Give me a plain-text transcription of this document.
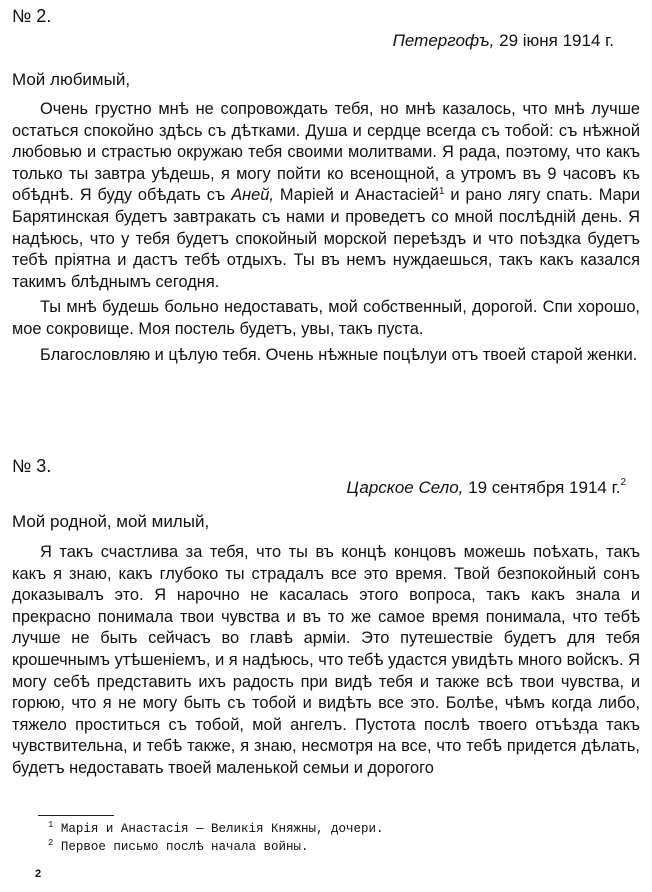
№ 2.
Петергофъ, 29 іюня 1914 г.
Мой любимый,

Очень грустно мнѣ не сопровождать тебя, но мнѣ казалось, что мнѣ лучше остаться спокойно здѣсь съ дѣтками. Душа и сердце всегда съ тобой: съ нѣжной любовью и страстью окружаю тебя своими молитвами. Я рада, поэтому, что какъ только ты завтра уѣдешь, я могу пойти ко всенощной, а утромъ въ 9 часовъ къ обѣднѣ. Я буду обѣдать съ Аней, Маріей и Анастасіей$^1$ и рано лягу спать. Мари Барятинская будетъ завтракать съ нами и проведетъ со мной послѣдній день. Я надѣюсь, что у тебя будетъ спокойный морской переѣздъ и что поѣздка будетъ тебѣ пріятна и дастъ тебѣ отдыхъ. Ты въ немъ нуждаешься, такъ какъ казался такимъ блѣднымъ сегодня.

Ты мнѣ будешь больно недоставать, мой собственный, дорогой. Спи хорошо, мое сокровище. Моя постель будетъ, увы, такъ пуста.

Благословляю и цѣлую тебя. Очень нѣжные поцѣлуи отъ твоей старой женки.

№ 3.
Царское Село, 19 сентября 1914 г.$^2$
Мой родной, мой милый,

Я такъ счастлива за тебя, что ты въ концѣ концовъ можешь поѣхать, такъ какъ я знаю, какъ глубоко ты страдалъ все это время. Твой безпокойный сонъ доказывалъ это. Я нарочно не касалась этого вопроса, такъ какъ знала и прекрасно понимала твои чувства и въ то же самое время понимала, что тебѣ лучше не быть сейчасъ во главѣ арміи. Это путешествіе будетъ для тебя крошечнымъ утѣшеніемъ, и я надѣюсь, что тебѣ удастся увидѣть много войскъ. Я могу себѣ представить ихъ радость при видѣ тебя и также всѣ твои чувства, и горюю, что я не могу быть съ тобой и видѣть все это. Болѣе, чѣмъ когда либо, тяжело проститься съ тобой, мой ангелъ. Пустота послѣ твоего отъѣзда такъ чувствительна, и тебѣ также, я знаю, несмотря на все, что тебѣ придется дѣлать, будетъ недоставать твоей маленькой семьи и дорогого

$^1$ Марія и Анастасія — Великія Княжны, дочери.
$^2$ Первое письмо послѣ начала войны.
2
